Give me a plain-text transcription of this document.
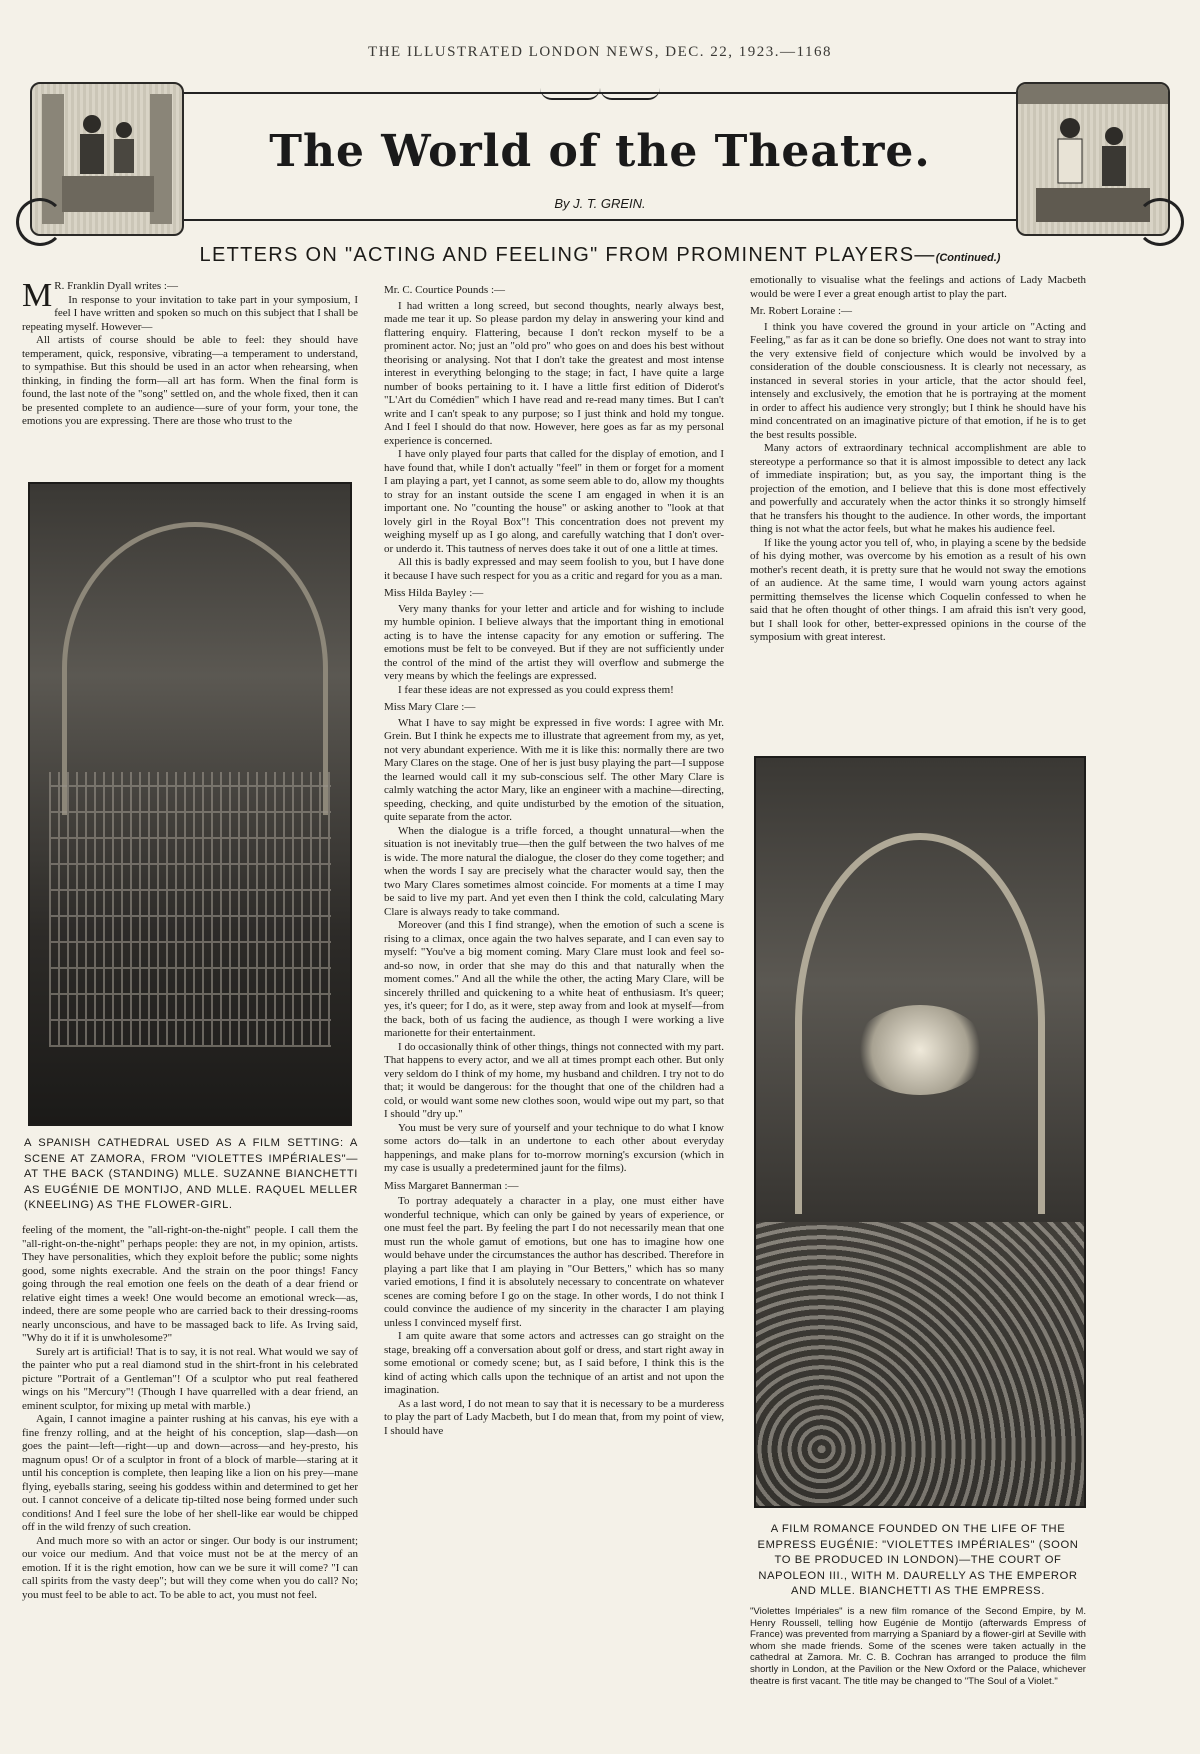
THE ILLUSTRATED LONDON NEWS, DEC. 22, 1923.—1168
The World of the Theatre.
By J. T. GREIN.
LETTERS ON "ACTING AND FEELING" FROM PROMINENT PLAYERS—(Continued.)

M R. Franklin Dyall writes :—

In response to your invitation to take part in your symposium, I feel I have written and spoken so much on this subject that I shall be repeating myself. However—

All artists of course should be able to feel: they should have temperament, quick, responsive, vibrating—a temperament to understand, to sympathise. But this should be used in an actor when rehearsing, when thinking, in finding the form—all art has form. When the final form is found, the last note of the "song" settled on, and the whole fixed, then it can be presented complete to an audience—sure of your form, your tone, the emotions you are expressing. There are those who trust to the

A SPANISH CATHEDRAL USED AS A FILM SETTING: A SCENE AT ZAMORA, FROM "VIOLETTES IMPÉRIALES"—AT THE BACK (STANDING) MLLE. SUZANNE BIANCHETTI AS EUGÉNIE DE MONTIJO, AND MLLE. RAQUEL MELLER (KNEELING) AS THE FLOWER-GIRL.

feeling of the moment, the "all-right-on-the-night" people. I call them the "all-right-on-the-night" perhaps people: they are not, in my opinion, artists. They have personalities, which they exploit before the public; some nights good, some nights execrable. And the strain on the poor things! Fancy going through the real emotion one feels on the death of a dear friend or relative eight times a week! One would become an emotional wreck—as, indeed, there are some people who are carried back to their dressing-rooms nearly unconscious, and have to be massaged back to life. As Irving said, "Why do it if it is unwholesome?"

Surely art is artificial! That is to say, it is not real. What would we say of the painter who put a real diamond stud in the shirt-front in his celebrated picture "Portrait of a Gentleman"! Of a sculptor who put real feathered wings on his "Mercury"! (Though I have quarrelled with a dear friend, an eminent sculptor, for mixing up metal with marble.)

Again, I cannot imagine a painter rushing at his canvas, his eye with a fine frenzy rolling, and at the height of his conception, slap—dash—on goes the paint—left—right—up and down—across—and hey-presto, his magnum opus! Or of a sculptor in front of a block of marble—staring at it until his conception is complete, then leaping like a lion on his prey—mane flying, eyeballs staring, seeing his goddess within and determined to get her out. I cannot conceive of a delicate tip-tilted nose being formed under such conditions! And I feel sure the lobe of her shell-like ear would be chipped off in the wild frenzy of such creation.

And much more so with an actor or singer. Our body is our instrument; our voice our medium. And that voice must not be at the mercy of an emotion. If it is the right emotion, how can we be sure it will come? "I can call spirits from the vasty deep"; but will they come when you do call? No; you must feel to be able to act. To be able to act, you must not feel.

Mr. C. Courtice Pounds :—

I had written a long screed, but second thoughts, nearly always best, made me tear it up. So please pardon my delay in answering your kind and flattering enquiry. Flattering, because I don't reckon myself to be a prominent actor. No; just an "old pro" who goes on and does his best without theorising or analysing. Not that I don't take the greatest and most intense interest in everything belonging to the stage; in fact, I have quite a large number of books pertaining to it. I have a little first edition of Diderot's "L'Art du Comédien" which I have read and re-read many times. But I can't write and I can't speak to any purpose; so I just think and hold my tongue. And I feel I should do that now. However, here goes as far as my personal experience is concerned.

I have only played four parts that called for the display of emotion, and I have found that, while I don't actually "feel" in them or forget for a moment I am playing a part, yet I cannot, as some seem able to do, allow my thoughts to stray for an instant outside the scene I am engaged in when it is an important one. No "counting the house" or asking another to "look at that lovely girl in the Royal Box"! This concentration does not prevent my weighing myself up as I go along, and carefully watching that I don't over- or underdo it. This tautness of nerves does take it out of one a little at times.

All this is badly expressed and may seem foolish to you, but I have done it because I have such respect for you as a critic and regard for you as a man.

Miss Hilda Bayley :—

Very many thanks for your letter and article and for wishing to include my humble opinion. I believe always that the important thing in emotional acting is to have the intense capacity for any emotion or suffering. The emotions must be felt to be conveyed. But if they are not sufficiently under the control of the mind of the artist they will overflow and submerge the very means by which the feelings are expressed.

I fear these ideas are not expressed as you could express them!

Miss Mary Clare :—

What I have to say might be expressed in five words: I agree with Mr. Grein. But I think he expects me to illustrate that agreement from my, as yet, not very abundant experience. With me it is like this: normally there are two Mary Clares on the stage. One of her is just busy playing the part—I suppose the learned would call it my sub-conscious self. The other Mary Clare is calmly watching the actor Mary, like an engineer with a machine—directing, speeding, checking, and quite undisturbed by the emotion of the situation, quite separate from the actor.

When the dialogue is a trifle forced, a thought unnatural—when the situation is not inevitably true—then the gulf between the two halves of me is wide. The more natural the dialogue, the closer do they come together; and when the words I say are precisely what the character would say, then the two Mary Clares sometimes almost coincide. For moments at a time I may be said to live my part. And yet even then I think the cold, calculating Mary Clare is always ready to take command.

Moreover (and this I find strange), when the emotion of such a scene is rising to a climax, once again the two halves separate, and I can even say to myself: "You've a big moment coming. Mary Clare must look and feel so-and-so now, in order that she may do this and that naturally when the moment comes." And all the while the other, the acting Mary Clare, will be sincerely thrilled and quickening to a white heat of enthusiasm. It's queer; yes, it's queer; for I do, as it were, step away from and look at myself—from the back, both of us facing the audience, as though I were working a live marionette for their entertainment.

I do occasionally think of other things, things not connected with my part. That happens to every actor, and we all at times prompt each other. But only very seldom do I think of my home, my husband and children. I try not to do that; it would be dangerous: for the thought that one of the children had a cold, or would want some new clothes soon, would wipe out my part, so that I should "dry up."

You must be very sure of yourself and your technique to do what I know some actors do—talk in an undertone to each other about everyday happenings, and make plans for to-morrow morning's excursion (which in my case is usually a predetermined jaunt for the films).

Miss Margaret Bannerman :—

To portray adequately a character in a play, one must either have wonderful technique, which can only be gained by years of experience, or one must feel the part. By feeling the part I do not necessarily mean that one must run the whole gamut of emotions, but one has to imagine how one would behave under the circumstances the author has described. Therefore in playing a part like that I am playing in "Our Betters," which has so many varied emotions, I find it is absolutely necessary to concentrate on whatever scenes are coming before I go on the stage. In other words, I do not think I could convince the audience of my sincerity in the character I am playing unless I convinced myself first.

I am quite aware that some actors and actresses can go straight on the stage, breaking off a conversation about golf or dress, and start right away in some emotional or comedy scene; but, as I said before, I think this is the kind of acting which calls upon the technique of an artist and not upon the imagination.

As a last word, I do not mean to say that it is necessary to be a murderess to play the part of Lady Macbeth, but I do mean that, from my point of view, I should have

emotionally to visualise what the feelings and actions of Lady Macbeth would be were I ever a great enough artist to play the part.

Mr. Robert Loraine :—

I think you have covered the ground in your article on "Acting and Feeling," as far as it can be done so briefly. One does not want to stray into the very extensive field of conjecture which would be involved by a consideration of the double consciousness. It is clearly not necessary, as instanced in several stories in your article, that the actor should feel, intensely and exclusively, the emotion that he is portraying at the moment in order to affect his audience very strongly; but I think he should have his mind concentrated on an imaginative picture of that emotion, if he is to get the best results possible.

Many actors of extraordinary technical accomplishment are able to stereotype a performance so that it is almost impossible to detect any lack of immediate inspiration; but, as you say, the important thing is the projection of the emotion, and I believe that this is done most effectively and powerfully and accurately when the actor thinks it so strongly himself that he transfers his thought to the audience. In other words, the important thing is not what the actor feels, but what he makes his audience feel.

If like the young actor you tell of, who, in playing a scene by the bedside of his dying mother, was overcome by his emotion as a result of his own mother's recent death, it is pretty sure that he would not sway the emotions of an audience. At the same time, I would warn young actors against permitting themselves the license which Coquelin confessed to when he said that he often thought of other things. I am afraid this isn't very good, but I shall look for other, better-expressed opinions in the course of the symposium with great interest.

A FILM ROMANCE FOUNDED ON THE LIFE OF THE EMPRESS EUGÉNIE: "VIOLETTES IMPÉRIALES" (SOON TO BE PRODUCED IN LONDON)—THE COURT OF NAPOLEON III., WITH M. DAURELLY AS THE EMPEROR AND MLLE. BIANCHETTI AS THE EMPRESS.
"Violettes Impériales" is a new film romance of the Second Empire, by M. Henry Roussell, telling how Eugénie de Montijo (afterwards Empress of France) was prevented from marrying a Spaniard by a flower-girl at Seville with whom she made friends. Some of the scenes were taken actually in the cathedral at Zamora. Mr. C. B. Cochran has arranged to produce the film shortly in London, at the Pavilion or the New Oxford or the Palace, whichever theatre is first vacant. The title may be changed to "The Soul of a Violet."
